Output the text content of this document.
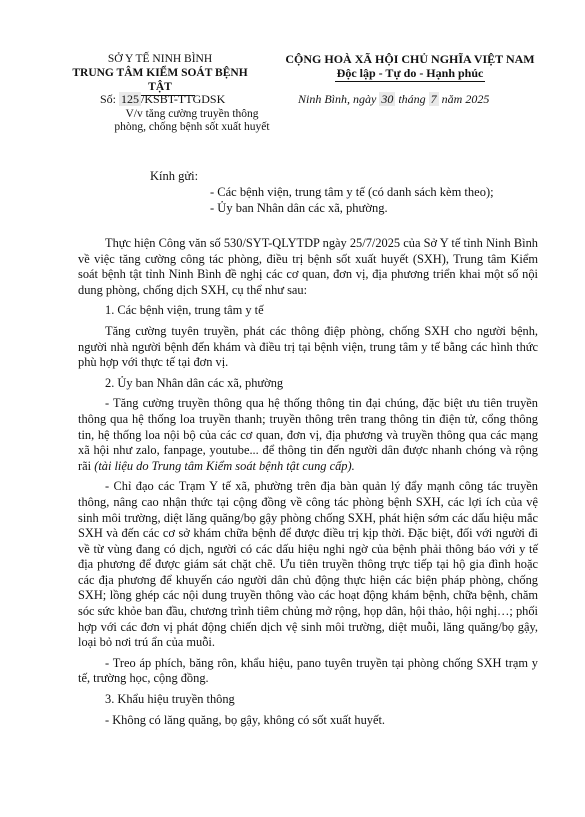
SỞ Y TẾ NINH BÌNH
TRUNG TÂM KIỂM SOÁT BỆNH TẬT
CỘNG HOÀ XÃ HỘI CHỦ NGHĨA VIỆT NAM
Độc lập - Tự do - Hạnh phúc
Số: 125 /KSBT-TTGDSK	Ninh Bình, ngày 30 tháng 7 năm 2025
V/v tăng cường truyền thông
phòng, chống bệnh sốt xuất huyết
Kính gửi:
- Các bệnh viện, trung tâm y tế (có danh sách kèm theo);
- Ủy ban Nhân dân các xã, phường.

Thực hiện Công văn số 530/SYT-QLYTDP ngày 25/7/2025 của Sở Y tế tỉnh Ninh Bình về việc tăng cường công tác phòng, điều trị bệnh sốt xuất huyết (SXH), Trung tâm Kiểm soát bệnh tật tỉnh Ninh Bình đề nghị các cơ quan, đơn vị, địa phương triển khai một số nội dung phòng, chống dịch SXH, cụ thể như sau:

1. Các bệnh viện, trung tâm y tế

Tăng cường tuyên truyền, phát các thông điệp phòng, chống SXH cho người bệnh, người nhà người bệnh đến khám và điều trị tại bệnh viện, trung tâm y tế bằng các hình thức phù hợp với thực tế tại đơn vị.

2. Ủy ban Nhân dân các xã, phường

- Tăng cường truyền thông qua hệ thống thông tin đại chúng, đặc biệt ưu tiên truyền thông qua hệ thống loa truyền thanh; truyền thông trên trang thông tin điện tử, cổng thông tin, hệ thống loa nội bộ của các cơ quan, đơn vị, địa phương và truyền thông qua các mạng xã hội như zalo, fanpage, youtube... để thông tin đến người dân được nhanh chóng và rộng rãi (tài liệu do Trung tâm Kiểm soát bệnh tật cung cấp).

- Chỉ đạo các Trạm Y tế xã, phường trên địa bàn quản lý đẩy mạnh công tác truyền thông, nâng cao nhận thức tại cộng đồng về công tác phòng bệnh SXH, các lợi ích của vệ sinh môi trường, diệt lăng quăng/bọ gậy phòng chống SXH, phát hiện sớm các dấu hiệu mắc SXH và đến các cơ sở khám chữa bệnh để được điều trị kịp thời. Đặc biệt, đối với người đi về từ vùng đang có dịch, người có các dấu hiệu nghi ngờ của bệnh phải thông báo với y tế địa phương để được giám sát chặt chẽ. Ưu tiên truyền thông trực tiếp tại hộ gia đình hoặc các địa phương để khuyến cáo người dân chủ động thực hiện các biện pháp phòng, chống SXH; lồng ghép các nội dung truyền thông vào các hoạt động khám bệnh, chữa bệnh, chăm sóc sức khỏe ban đầu, chương trình tiêm chủng mở rộng, họp dân, hội thảo, hội nghị…; phối hợp với các đơn vị phát động chiến dịch vệ sinh môi trường, diệt muỗi, lăng quăng/bọ gậy, loại bỏ nơi trú ẩn của muỗi.

- Treo áp phích, băng rôn, khẩu hiệu, pano tuyên truyền tại phòng chống SXH trạm y tế, trường học, cộng đồng.

3. Khẩu hiệu truyền thông

- Không có lăng quăng, bọ gậy, không có sốt xuất huyết.
